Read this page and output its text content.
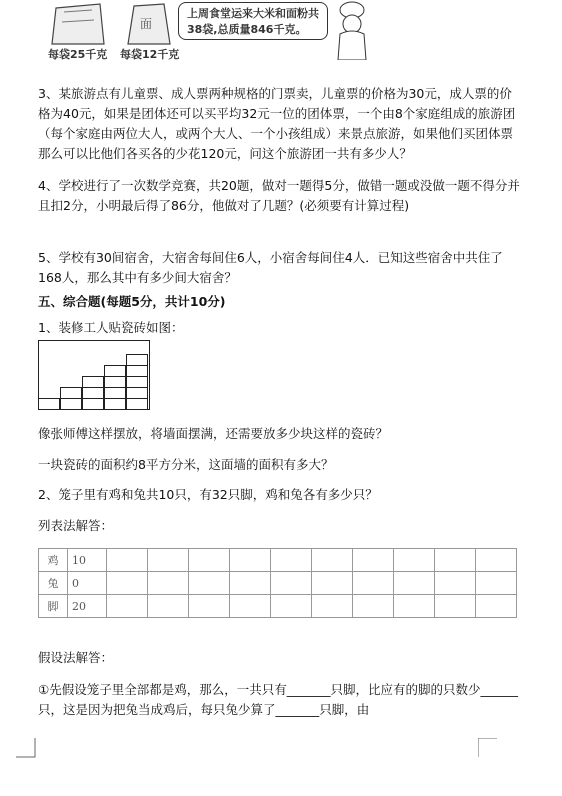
每袋25千克
面
每袋12千克
上周食堂运来大米和面粉共38袋,总质量846千克。
3、某旅游点有儿童票、成人票两种规格的门票卖，儿童票的价格为30元，成人票的价格为40元，如果是团体还可以买平均32元一位的团体票，一个由8个家庭组成的旅游团（每个家庭由两位大人，或两个大人、一个小孩组成）来景点旅游，如果他们买团体票那么可以比他们各买各的少花120元，问这个旅游团一共有多少人？
4、学校进行了一次数学竞赛，共20题，做对一题得5分，做错一题或没做一题不得分并且扣2分，小明最后得了86分，他做对了几题？(必须要有计算过程)
5、学校有30间宿舍，大宿舍每间住6人，小宿舍每间住4人．已知这些宿舍中共住了168人，那么其中有多少间大宿舍？
五、综合题(每题5分，共计10分)
1、装修工人贴瓷砖如图：
像张师傅这样摆放，将墙面摆满，还需要放多少块这样的瓷砖？
一块瓷砖的面积约8平方分米，这面墙的面积有多大？
2、笼子里有鸡和兔共10只，有32只脚，鸡和兔各有多少只？
列表法解答：
鸡	10										
兔	0										
脚	20										
假设法解答：
①先假设笼子里全部都是鸡，那么，一共只有_______只脚，比应有的脚的只数少______只，这是因为把兔当成鸡后，每只兔少算了_______只脚，由
